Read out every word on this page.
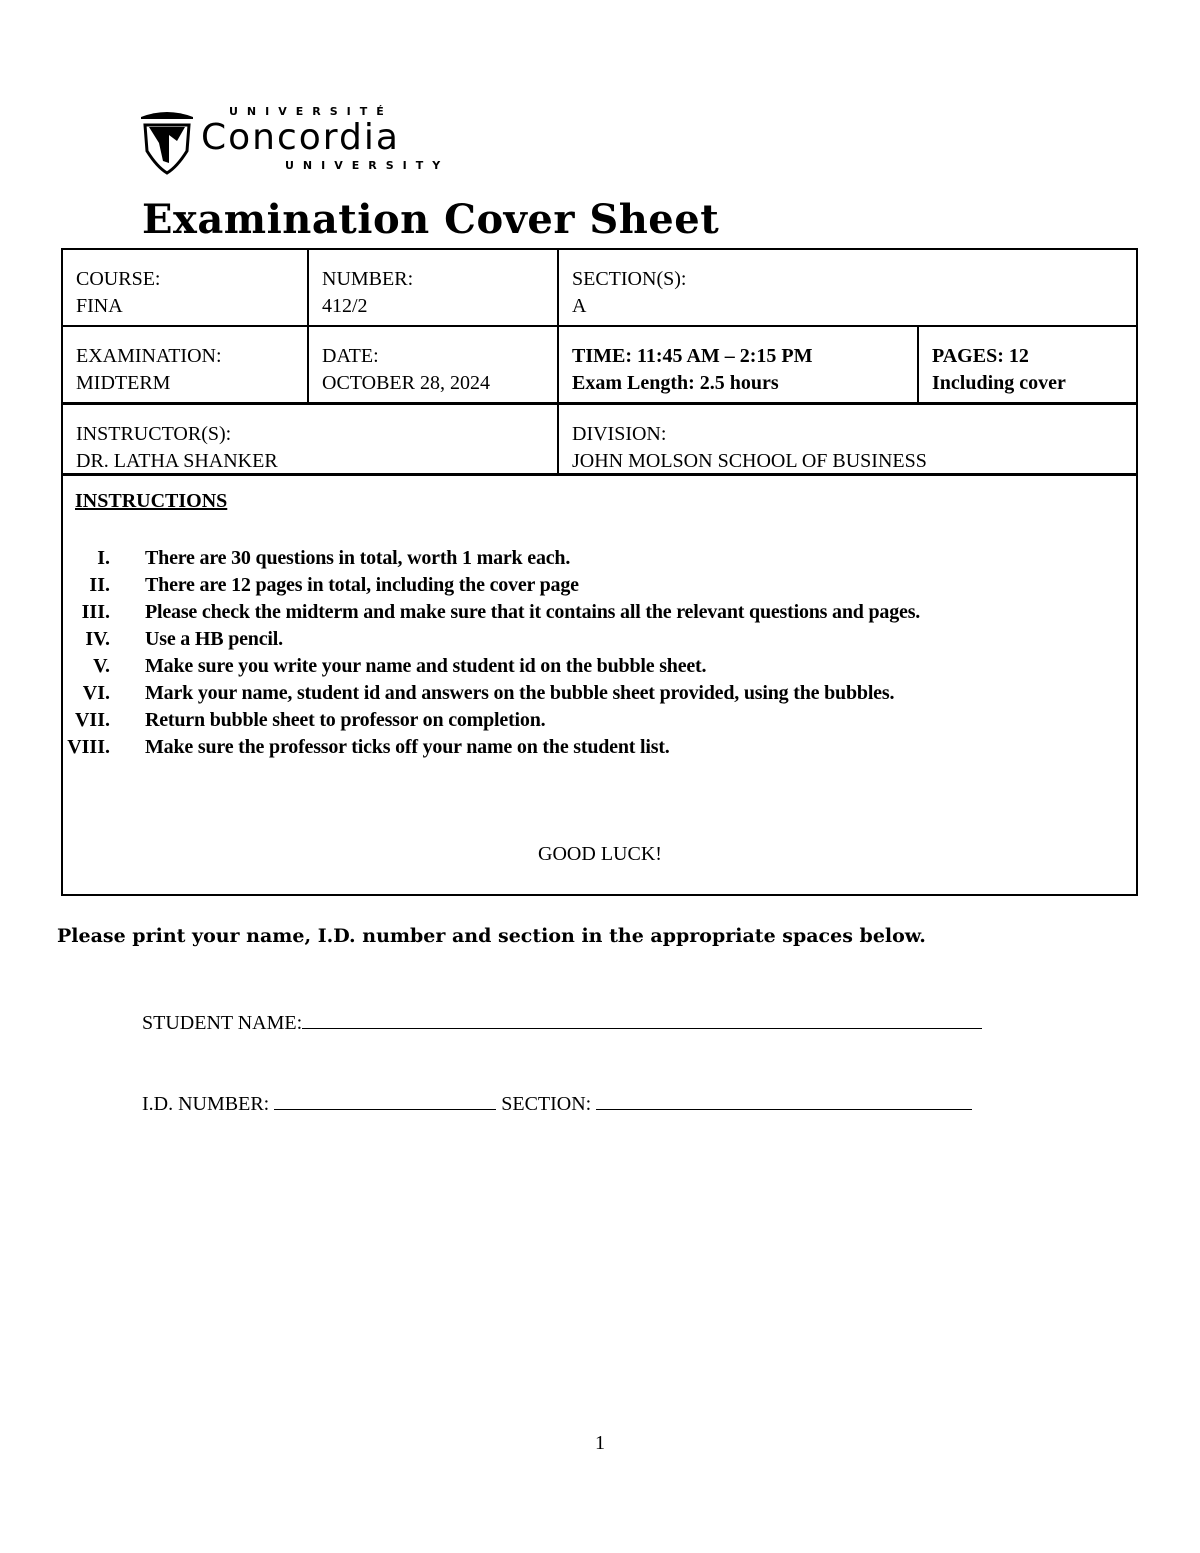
UNIVERSITÉ
Concordia
UNIVERSITY
Examination Cover Sheet
COURSE:
FINA
NUMBER:
412/2
SECTION(S):
A
EXAMINATION:
MIDTERM
DATE:
OCTOBER 28, 2024
TIME: 11:45 AM – 2:15 PM
Exam Length: 2.5 hours
PAGES: 12
Including cover
INSTRUCTOR(S):
DR. LATHA SHANKER
DIVISION:
JOHN MOLSON SCHOOL OF BUSINESS
INSTRUCTIONS
I. There are 30 questions in total, worth 1 mark each.
II. There are 12 pages in total, including the cover page
III. Please check the midterm and make sure that it contains all the relevant questions and pages.
IV. Use a HB pencil.
V. Make sure you write your name and student id on the bubble sheet.
VI. Mark your name, student id and answers on the bubble sheet provided, using the bubbles.
VII. Return bubble sheet to professor on completion.
VIII. Make sure the professor ticks off your name on the student list.
GOOD LUCK!
Please print your name, I.D. number and section in the appropriate spaces below.
STUDENT NAME:
I.D. NUMBER:	SECTION:
1
